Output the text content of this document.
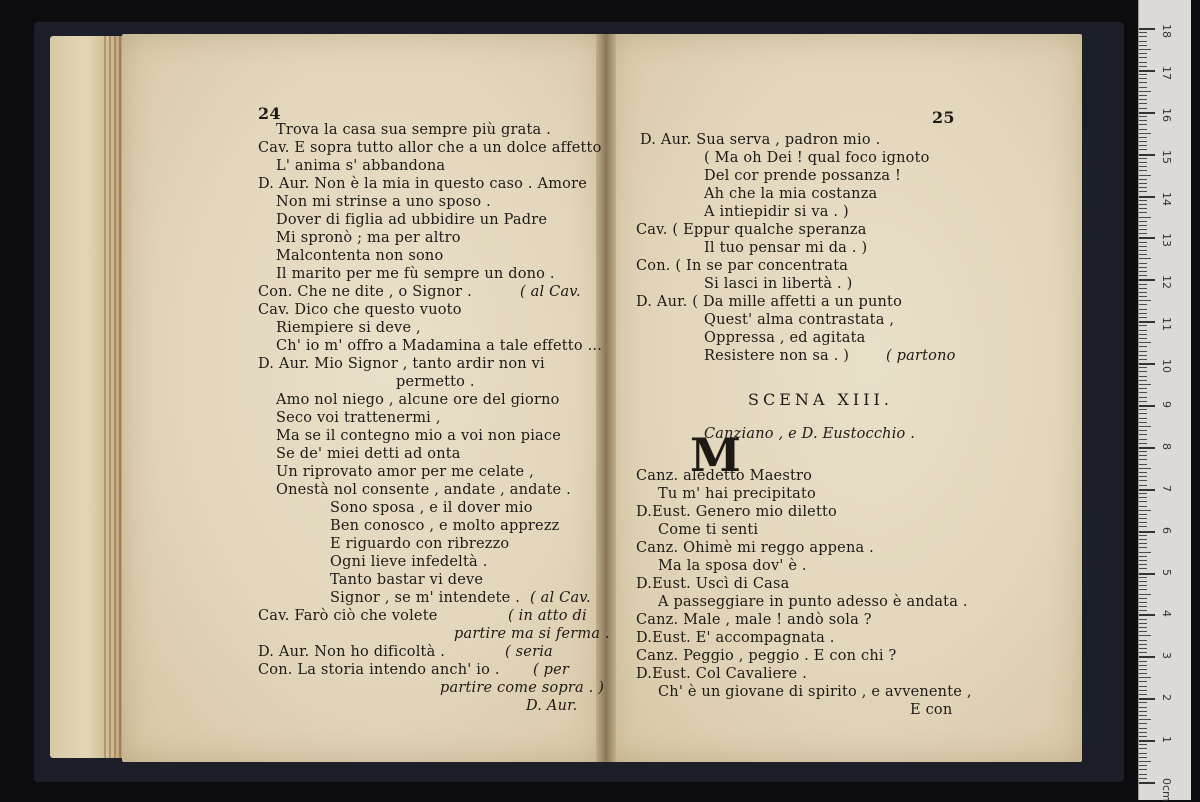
24
Trova la casa sua sempre più grata .
Cav. E sopra tutto allor che a un dolce affetto
L' anima s' abbandona
D. Aur. Non è la mia in questo caso . Amore
Non mi strinse a uno sposo .
Dover di figlia ad ubbidire un Padre
Mi spronò ; ma per altro
Malcontenta non sono
Il marito per me fù sempre un dono .
Con. Che ne dite , o Signor .	( al Cav.
Cav. Dico che questo vuoto
Riempiere si deve ,
Ch' io m' offro a Madamina a tale effetto ...
D. Aur. Mio Signor , tanto ardir non vi
permetto .
Amo nol niego , alcune ore del giorno
Seco voi trattenermi ,
Ma se il contegno mio a voi non piace
Se de' miei detti ad onta
Un riprovato amor per me celate ,
Onestà nol consente , andate , andate .
Sono sposa , e il dover mio
Ben conosco , e molto apprezz
E riguardo con ribrezzo
Ogni lieve infedeltà .
Tanto bastar vi deve
Signor , se m' intendete . ( al Cav.
Cav. Farò ciò che volete	( in atto di
partire ma si ferma .
D. Aur. Non ho dificoltà .	( seria
Con. La storia intendo anch' io . ( per
partire come sopra . )
D. Aur.
25
D. Aur. Sua serva , padron mio .
( Ma oh Dei ! qual foco ignoto
Del cor prende possanza !
Ah che la mia costanza
A intiepidir si va . )
Cav. ( Eppur qualche speranza
Il tuo pensar mi da . )
Con. ( In se par concentrata
Si lasci in libertà . )
D. Aur. ( Da mille affetti a un punto
Quest' alma contrastata ,
Oppressa , ed agitata
Resistere non sa . )	( partono
SCENA XIII.
Canziano , e D. Eustocchio .
M
Canz. aledetto Maestro
Tu m' hai precipitato
D.Eust. Genero mio diletto
Come ti senti
Canz. Ohimè mi reggo appena .
Ma la sposa dov' è .
D.Eust. Uscì di Casa
A passeggiare in punto adesso è andata .
Canz. Male , male ! andò sola ?
D.Eust. E' accompagnata .
Canz. Peggio , peggio . E con chi ?
D.Eust. Col Cavaliere .
Ch' è un giovane di spirito , e avvenente ,
E con
0cm
1
2
3
4
5
6
7
8
9
10
11
12
13
14
15
16
17
18
